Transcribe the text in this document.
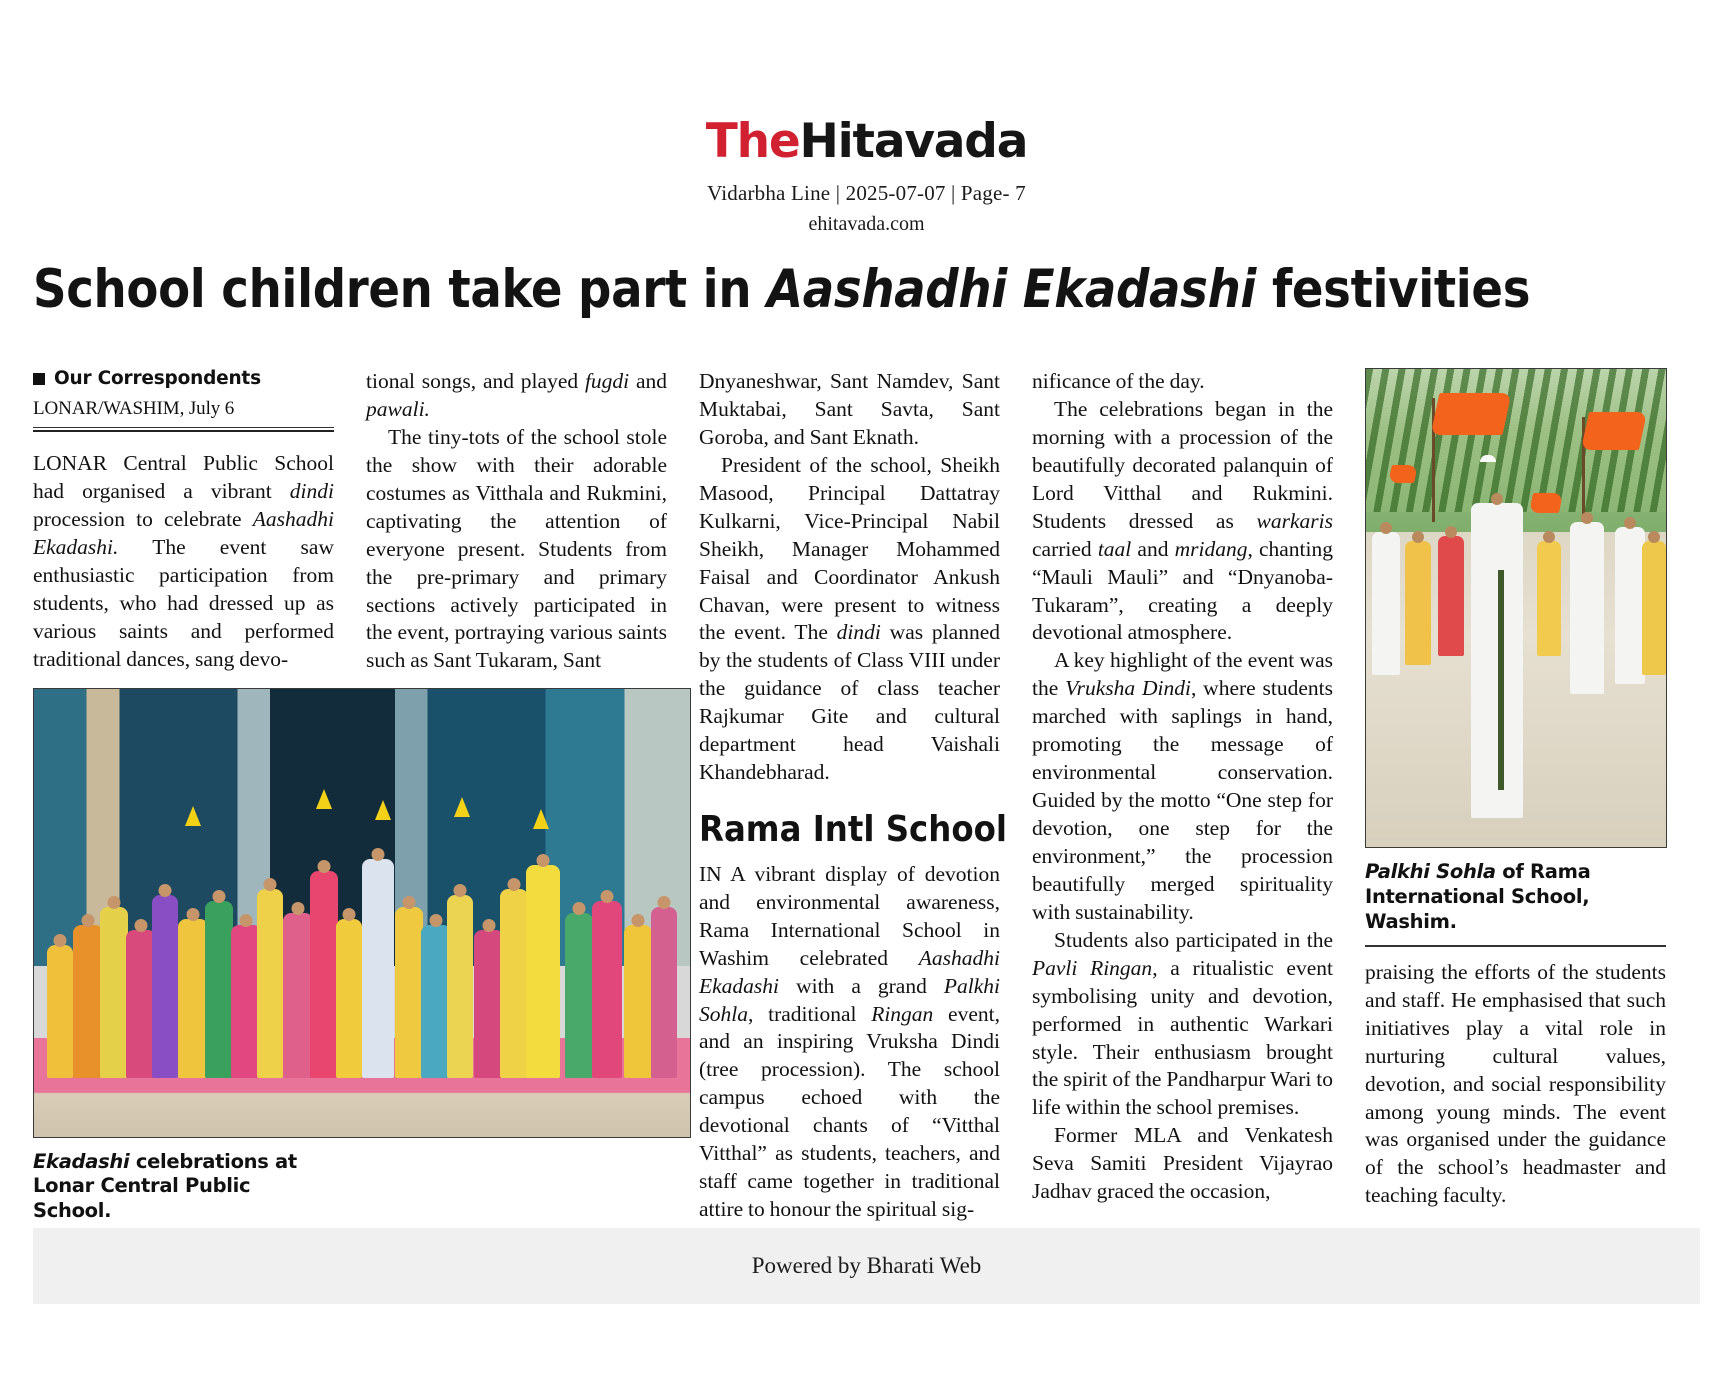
TheHitavada
Vidarbha Line | 2025-07-07 | Page- 7
ehitavada.com
School children take part in Aashadhi Ekadashi festivities
Our Correspondents
LONAR/WASHIM, July 6

LONAR Central Public School had organised a vibrant dindi procession to celebrate Aashadhi Ekadashi. The event saw enthusiastic participation from students, who had dressed up as various saints and performed traditional dances, sang devo-

Ekadashi celebrations at Lonar Central Public School.

tional songs, and played fugdi and pawali.

The tiny-tots of the school stole the show with their adorable costumes as Vitthala and Rukmini, captivating the attention of everyone present. Students from the pre-primary and primary sections actively participated in the event, portraying various saints such as Sant Tukaram, Sant

Dnyaneshwar, Sant Namdev, Sant Muktabai, Sant Savta, Sant Goroba, and Sant Eknath.

President of the school, Sheikh Masood, Principal Dattatray Kulkarni, Vice-Principal Nabil Sheikh, Manager Mohammed Faisal and Coordinator Ankush Chavan, were present to witness the event. The dindi was planned by the students of Class VIII under the guidance of class teacher Rajkumar Gite and cultural department head Vaishali Khandebharad.

Rama Intl School

IN A vibrant display of devotion and environmental awareness, Rama International School in Washim celebrated Aashadhi Ekadashi with a grand Palkhi Sohla, traditional Ringan event, and an inspiring Vruksha Dindi (tree procession). The school campus echoed with the devotional chants of “Vitthal Vitthal” as students, teachers, and staff came together in traditional attire to honour the spiritual sig-

nificance of the day.

The celebrations began in the morning with a procession of the beautifully decorated palanquin of Lord Vitthal and Rukmini. Students dressed as warkaris carried taal and mridang, chanting “Mauli Mauli” and “Dnyanoba-Tukaram”, creating a deeply devotional atmosphere.

A key highlight of the event was the Vruksha Dindi, where students marched with saplings in hand, promoting the message of environmental conservation. Guided by the motto “One step for devotion, one step for the environment,” the procession beautifully merged spirituality with sustainability.

Students also participated in the Pavli Ringan, a ritualistic event symbolising unity and devotion, performed in authentic Warkari style. Their enthusiasm brought the spirit of the Pandharpur Wari to life within the school premises.

Former MLA and Venkatesh Seva Samiti President Vijayrao Jadhav graced the occasion,

Palkhi Sohla of Rama International School, Washim.

praising the efforts of the students and staff. He emphasised that such initiatives play a vital role in nurturing cultural values, devotion, and social responsibility among young minds. The event was organised under the guidance of the school’s headmaster and teaching faculty.

Powered by Bharati Web
